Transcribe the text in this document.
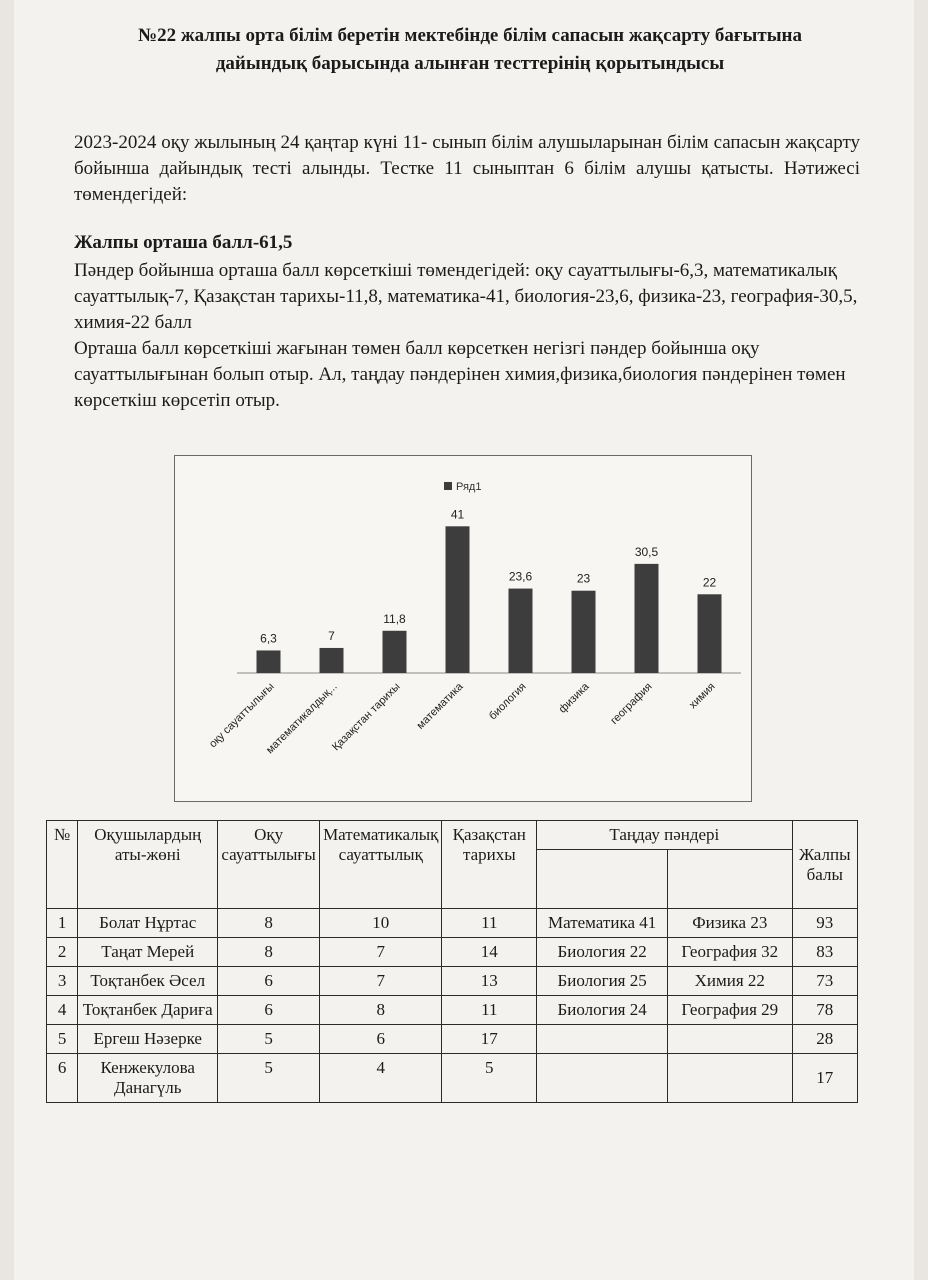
№22 жалпы орта білім беретін мектебінде білім сапасын жақсарту бағытына
дайындық барысында алынған тесттерінің қорытындысы
2023-2024 оқу жылының 24 қаңтар күні 11- сынып білім алушыларынан білім сапасын жақсарту бойынша дайындық тесті алынды. Тестке 11 сыныптан 6 білім алушы қатысты. Нәтижесі төмендегідей:
Жалпы орташа балл-61,5
Пәндер бойынша орташа балл көрсеткіші төмендегідей: оқу сауаттылығы-6,3, математикалық сауаттылық-7, Қазақстан тарихы-11,8, математика-41, биология-23,6, физика-23, география-30,5, химия-22 балл
Орташа балл көрсеткіші жағынан төмен балл көрсеткен негізгі пәндер бойынша оқу сауаттылығынан болып отыр. Ал, таңдау пәндерінен химия,физика,биология пәндерінен төмен көрсеткіш көрсетіп отыр.
Ряд1
6,3
оқу сауаттылығы
7
математикалдық...
11,8
Қазақстан тарихы
41
математика
23,6
биология
23
физика
30,5
география
22
химия
№	Оқушылардың аты-жөні	Оқу сауаттылығы	Математикалық сауаттылық	Қазақстан тарихы	Таңдау пәндері		Жалпы балы

1	Болат Нұртас	8	10	11	Математика 41	Физика 23	93
2	Таңат Мерей	8	7	14	Биология 22	География 32	83
3	Тоқтанбек Әсел	6	7	13	Биология 25	Химия 22	73
4	Тоқтанбек Дариға	6	8	11	Биология 24	География 29	78
5	Ергеш Нәзерке	5	6	17			28
6	Кенжекулова Данагүль	5	4	5			17
